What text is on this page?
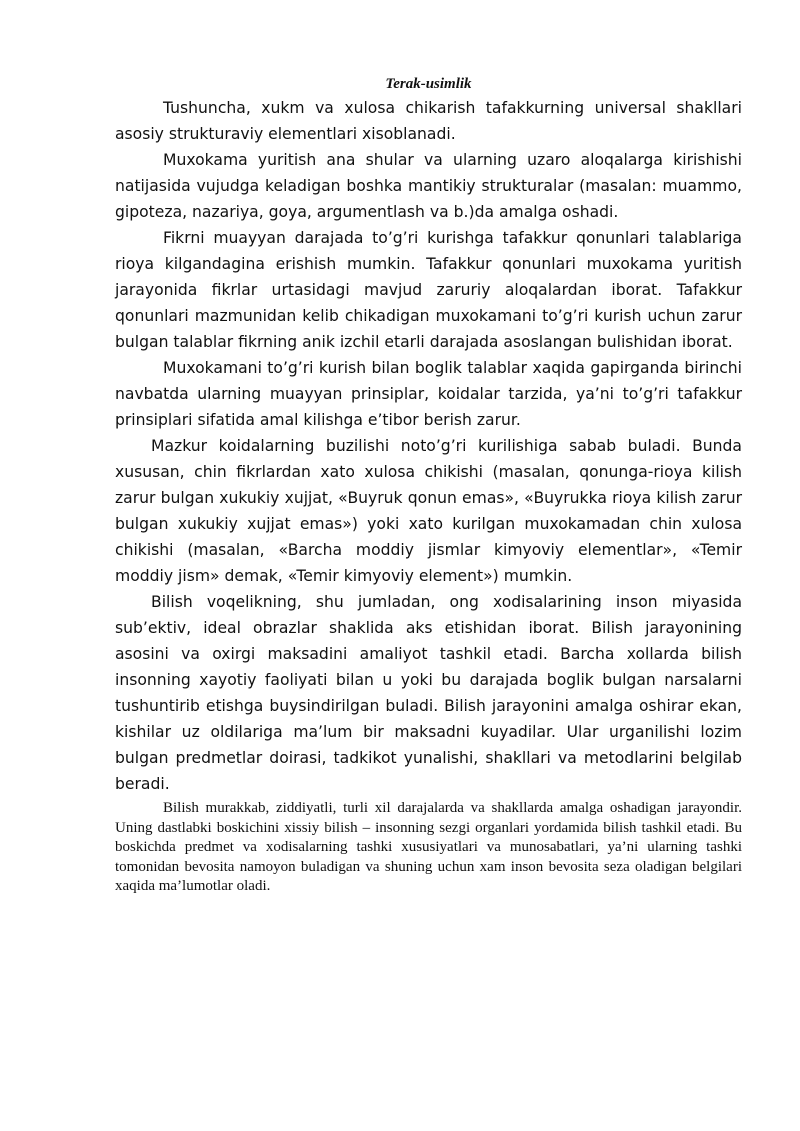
Terak-usimlik

Tushuncha, xukm va xulosa chikarish tafakkurning universal shakllari asosiy strukturaviy elementlari xisoblanadi.

Muxokama yuritish ana shular va ularning uzaro aloqalarga kirishishi natijasida vujudga keladigan boshka mantikiy strukturalar (masalan: muammo, gipoteza, nazariya, goya, argumentlash va b.)da amalga oshadi.

Fikrni muayyan darajada to’g’ri kurishga tafakkur qonunlari talablariga rioya kilgandagina erishish mumkin. Tafakkur qonunlari muxokama yuritish jarayonida fikrlar urtasidagi mavjud zaruriy aloqalardan iborat. Tafakkur qonunlari mazmunidan kelib chikadigan muxokamani to’g’ri kurish uchun zarur bulgan talablar fikrning anik izchil etarli darajada asoslangan bulishidan iborat.

Muxokamani to’g’ri kurish bilan boglik talablar xaqida gapirganda birinchi navbatda ularning muayyan prinsiplar, koidalar tarzida, ya’ni to’g’ri tafakkur prinsiplari sifatida amal kilishga e’tibor berish zarur.

Mazkur koidalarning buzilishi noto’g’ri kurilishiga sabab buladi. Bunda xususan, chin fikrlardan xato xulosa chikishi (masalan, qonunga-rioya kilish zarur bulgan xukukiy xujjat, «Buyruk qonun emas», «Buyrukka rioya kilish zarur bulgan xukukiy xujjat emas») yoki xato kurilgan muxokamadan chin xulosa chikishi (masalan, «Barcha moddiy jismlar kimyoviy elementlar», «Temir moddiy jism» demak, «Temir kimyoviy element») mumkin.

Bilish voqelikning, shu jumladan, ong xodisalarining inson miyasida sub’ektiv, ideal obrazlar shaklida aks etishidan iborat. Bilish jarayonining asosini va oxirgi maksadini amaliyot tashkil etadi. Barcha xollarda bilish insonning xayotiy faoliyati bilan u yoki bu darajada boglik bulgan narsalarni tushuntirib etishga buysindirilgan buladi. Bilish jarayonini amalga oshirar ekan, kishilar uz oldilariga ma’lum bir maksadni kuyadilar. Ular urganilishi lozim bulgan predmetlar doirasi, tadkikot yunalishi, shakllari va metodlarini belgilab beradi.

Bilish murakkab, ziddiyatli, turli xil darajalarda va shakllarda amalga oshadigan jarayondir. Uning dastlabki boskichini xissiy bilish – insonning sezgi organlari yordamida bilish tashkil etadi. Bu boskichda predmet va xodisalarning tashki xususiyatlari va munosabatlari, ya’ni ularning tashki tomonidan bevosita namoyon buladigan va shuning uchun xam inson bevosita seza oladigan belgilari xaqida ma’lumotlar oladi.
